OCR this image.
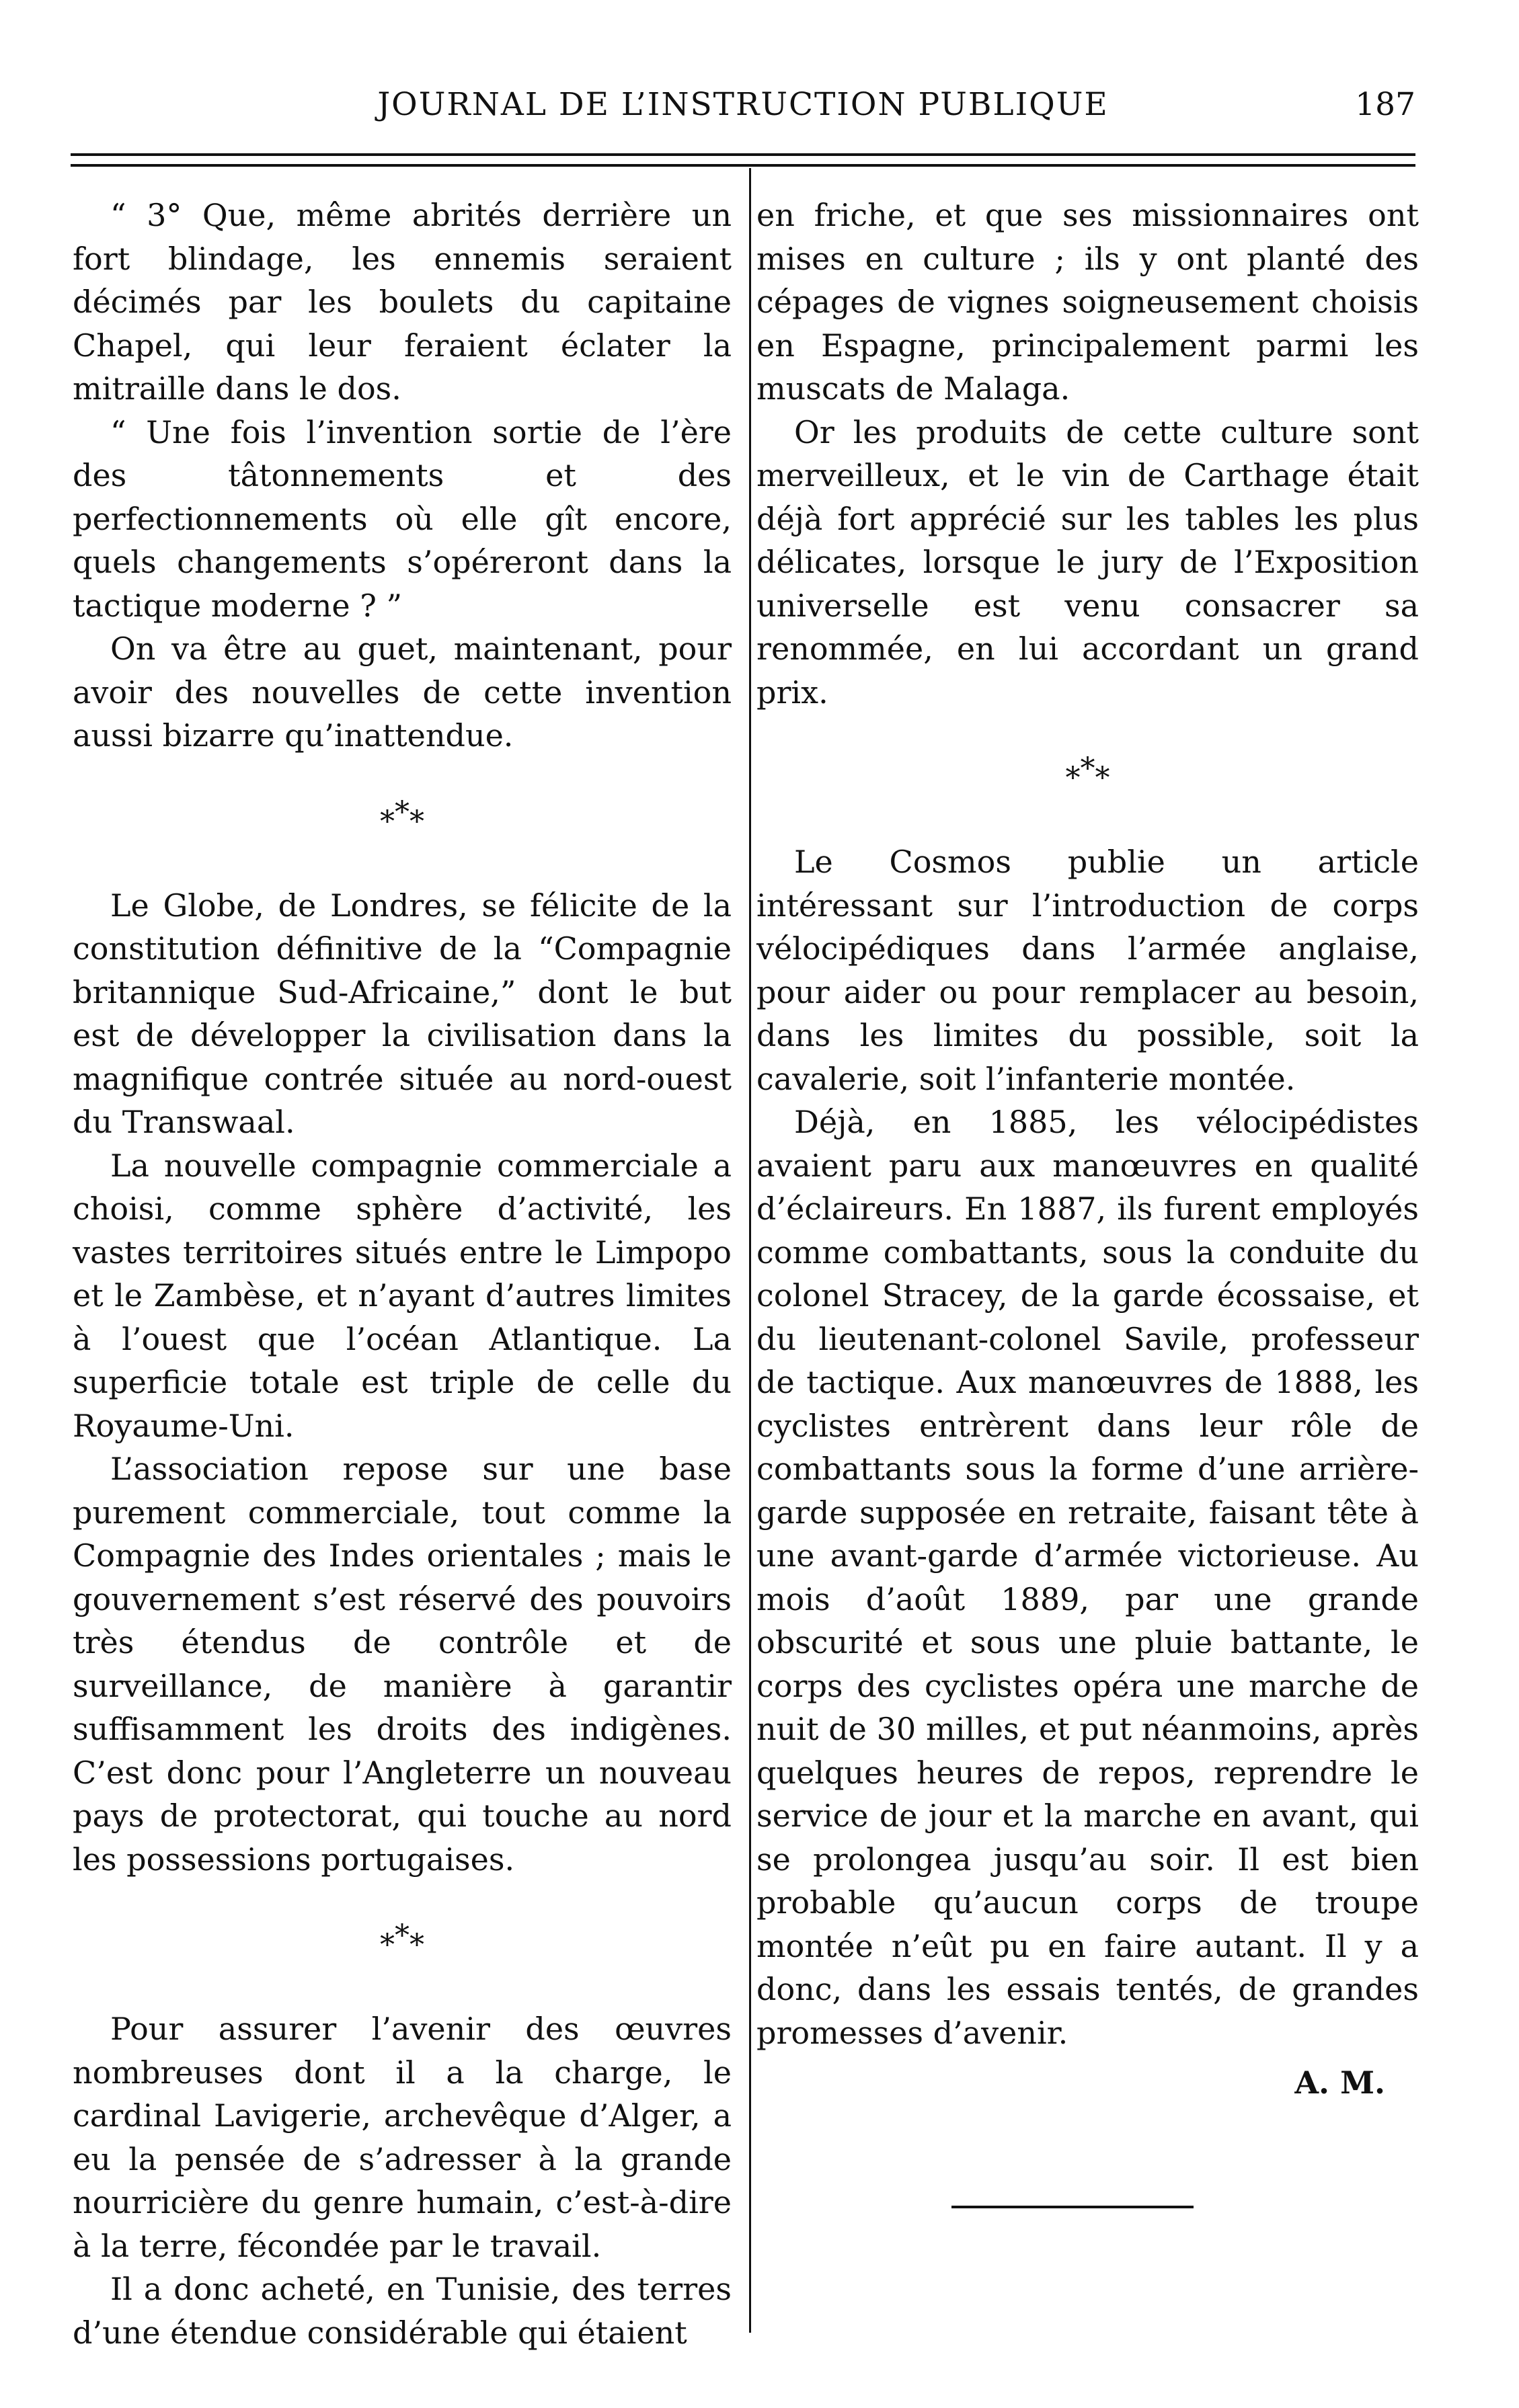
JOURNAL DE L’INSTRUCTION PUBLIQUE	187

“ 3° Que, même abrités derrière un fort blindage, les ennemis seraient décimés par les boulets du capitaine Chapel, qui leur feraient éclater la mitraille dans le dos.

“ Une fois l’invention sortie de l’ère des tâtonnements et des perfectionnements où elle gît encore, quels changements s’opéreront dans la tactique moderne ? ”

On va être au guet, maintenant, pour avoir des nouvelles de cette invention aussi bizarre qu’inattendue.

***

Le Globe, de Londres, se félicite de la constitution définitive de la “Compagnie britannique Sud-Africaine,” dont le but est de développer la civilisation dans la magnifique contrée située au nord-ouest du Transwaal.

La nouvelle compagnie commerciale a choisi, comme sphère d’activité, les vastes territoires situés entre le Limpopo et le Zambèse, et n’ayant d’autres limites à l’ouest que l’océan Atlantique. La superficie totale est triple de celle du Royaume-Uni.

L’association repose sur une base purement commerciale, tout comme la Compagnie des Indes orientales ; mais le gouvernement s’est réservé des pouvoirs très étendus de contrôle et de surveillance, de manière à garantir suffisamment les droits des indigènes. C’est donc pour l’Angleterre un nouveau pays de protectorat, qui touche au nord les possessions portugaises.

***

Pour assurer l’avenir des œuvres nombreuses dont il a la charge, le cardinal Lavigerie, archevêque d’Alger, a eu la pensée de s’adresser à la grande nourricière du genre humain, c’est-à-dire à la terre, fécondée par le travail.

Il a donc acheté, en Tunisie, des terres d’une étendue considérable qui étaient

en friche, et que ses missionnaires ont mises en culture ; ils y ont planté des cépages de vignes soigneusement choisis en Espagne, principalement parmi les muscats de Malaga.

Or les produits de cette culture sont merveilleux, et le vin de Carthage était déjà fort apprécié sur les tables les plus délicates, lorsque le jury de l’Exposition universelle est venu consacrer sa renommée, en lui accordant un grand prix.

***

Le Cosmos publie un article intéressant sur l’introduction de corps vélocipédiques dans l’armée anglaise, pour aider ou pour remplacer au besoin, dans les limites du possible, soit la cavalerie, soit l’infanterie montée.

Déjà, en 1885, les vélocipédistes avaient paru aux manœuvres en qualité d’éclaireurs. En 1887, ils furent employés comme combattants, sous la conduite du colonel Stracey, de la garde écossaise, et du lieutenant-colonel Savile, professeur de tactique. Aux manœuvres de 1888, les cyclistes entrèrent dans leur rôle de combattants sous la forme d’une arrière-garde supposée en retraite, faisant tête à une avant-garde d’armée victorieuse. Au mois d’août 1889, par une grande obscurité et sous une pluie battante, le corps des cyclistes opéra une marche de nuit de 30 milles, et put néanmoins, après quelques heures de repos, reprendre le service de jour et la marche en avant, qui se prolongea jusqu’au soir. Il est bien probable qu’aucun corps de troupe montée n’eût pu en faire autant. Il y a donc, dans les essais tentés, de grandes promesses d’avenir.

A. M.
